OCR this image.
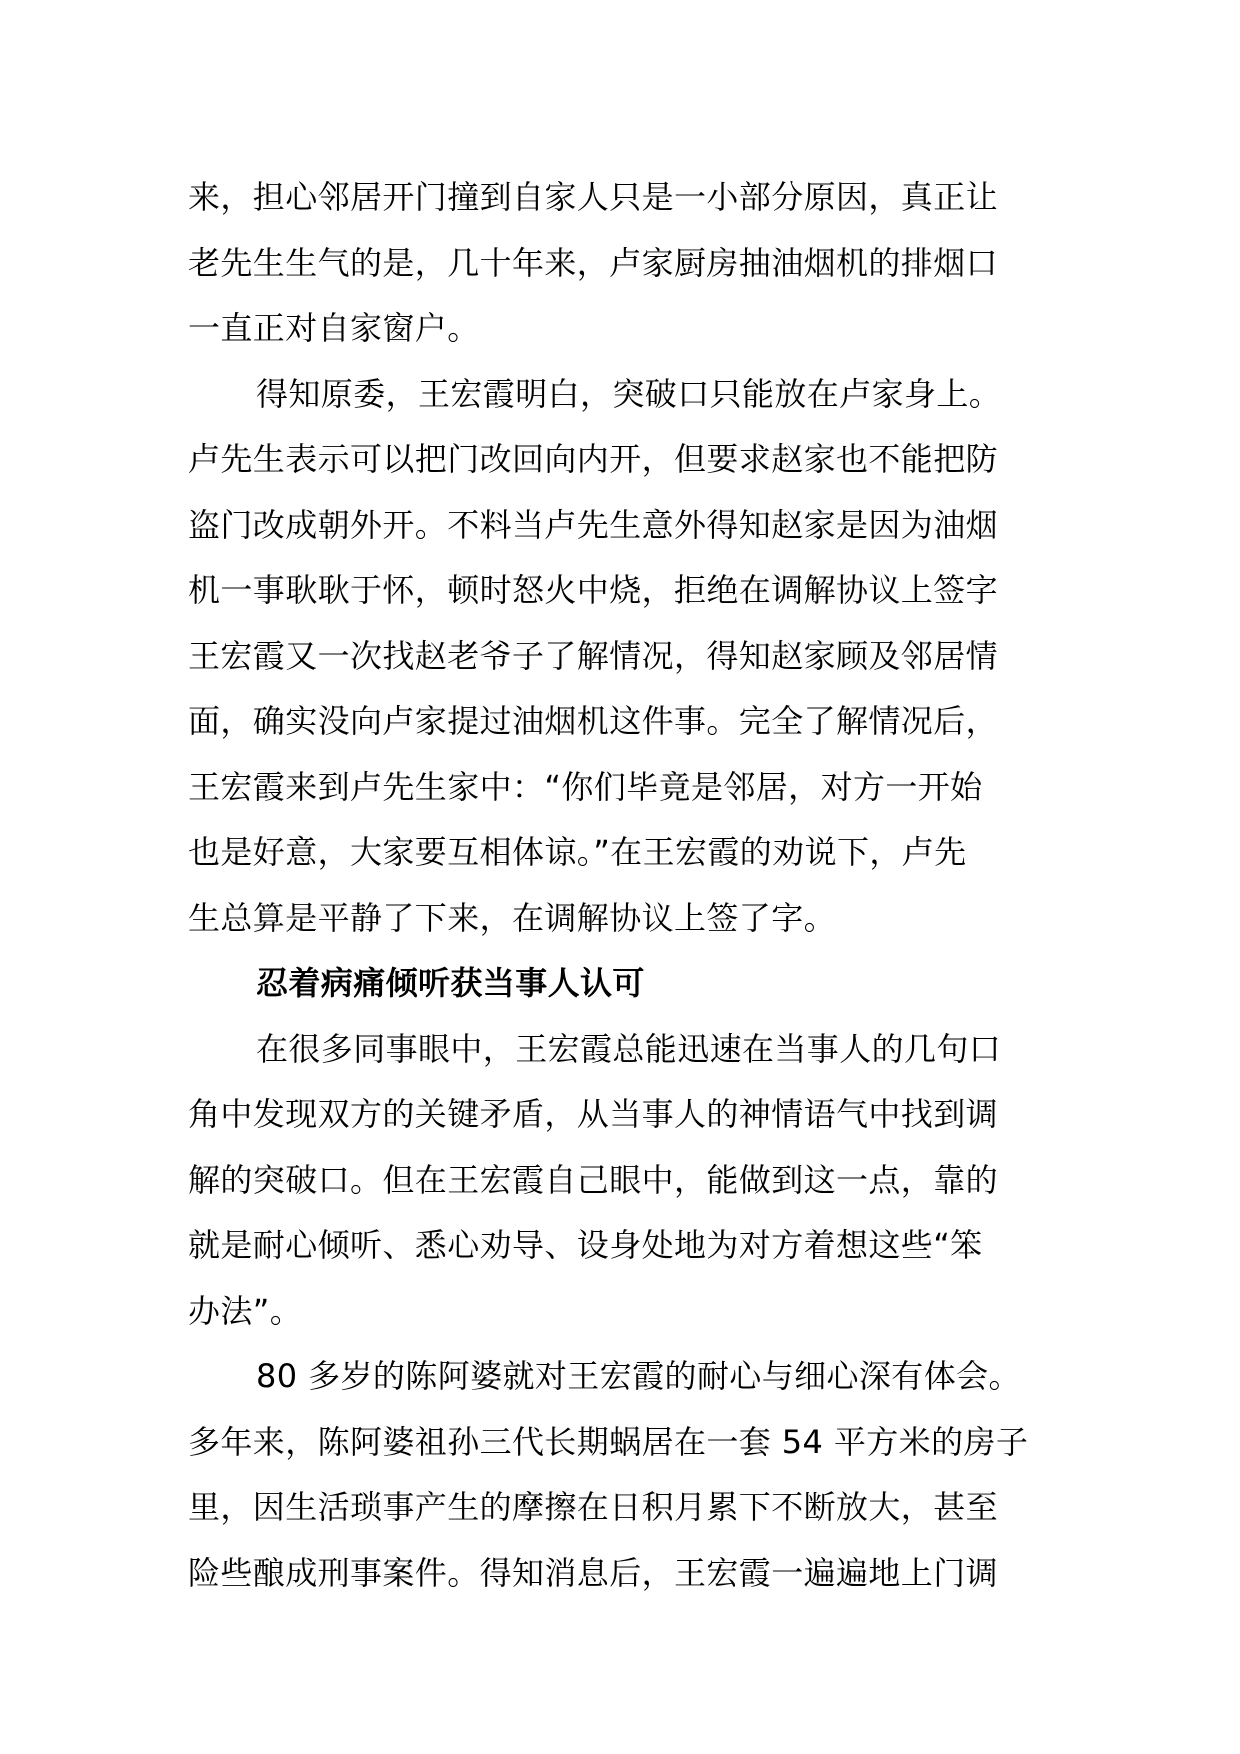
来，担心邻居开门撞到自家人只是一小部分原因，真正让
老先生生气的是，几十年来，卢家厨房抽油烟机的排烟口
一直正对自家窗户。
得知原委，王宏霞明白，突破口只能放在卢家身上。
卢先生表示可以把门改回向内开，但要求赵家也不能把防
盗门改成朝外开。不料当卢先生意外得知赵家是因为油烟
机一事耿耿于怀，顿时怒火中烧，拒绝在调解协议上签字
王宏霞又一次找赵老爷子了解情况，得知赵家顾及邻居情
面，确实没向卢家提过油烟机这件事。完全了解情况后，
王宏霞来到卢先生家中：“你们毕竟是邻居，对方一开始
也是好意，大家要互相体谅。”在王宏霞的劝说下，卢先
生总算是平静了下来，在调解协议上签了字。
忍着病痛倾听获当事人认可
在很多同事眼中，王宏霞总能迅速在当事人的几句口
角中发现双方的关键矛盾，从当事人的神情语气中找到调
解的突破口。但在王宏霞自己眼中，能做到这一点，靠的
就是耐心倾听、悉心劝导、设身处地为对方着想这些“笨
办法”。
80 多岁的陈阿婆就对王宏霞的耐心与细心深有体会。
多年来，陈阿婆祖孙三代长期蜗居在一套 54 平方米的房子
里，因生活琐事产生的摩擦在日积月累下不断放大，甚至
险些酿成刑事案件。得知消息后，王宏霞一遍遍地上门调
